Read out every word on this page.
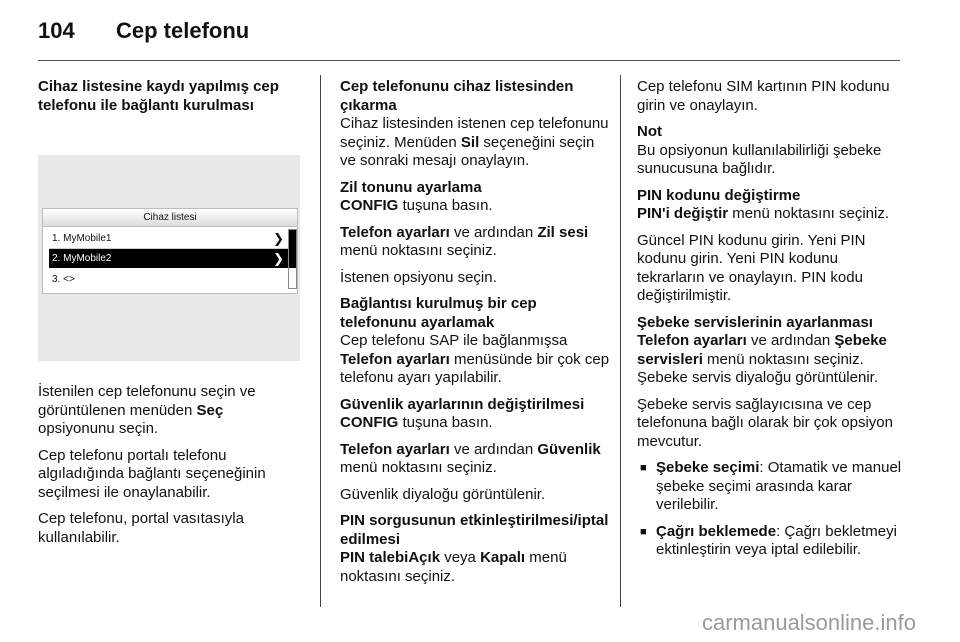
104 Cep telefonu
Cihaz listesine kaydı yapılmış cep telefonu ile bağlantı kurulması
Cihaz listesi
1. MyMobile1	❯
2. MyMobile2	❯
3. <>

İstenilen cep telefonunu seçin ve görüntülenen menüden Seç opsiyonunu seçin.

Cep telefonu portalı telefonu algıladığında bağlantı seçeneğinin seçilmesi ile onaylanabilir.

Cep telefonu, portal vasıtasıyla kullanılabilir.

Cep telefonunu cihaz listesinden çıkarma

Cihaz listesinden istenen cep telefonunu seçiniz. Menüden Sil seçeneğini seçin ve sonraki mesajı onaylayın.

Zil tonunu ayarlama

CONFIG tuşuna basın.

Telefon ayarları ve ardından Zil sesi menü noktasını seçiniz.

İstenen opsiyonu seçin.

Bağlantısı kurulmuş bir cep telefonunu ayarlamak

Cep telefonu SAP ile bağlanmışsa Telefon ayarları menüsünde bir çok cep telefonu ayarı yapılabilir.

Güvenlik ayarlarının değiştirilmesi

CONFIG tuşuna basın.

Telefon ayarları ve ardından Güvenlik menü noktasını seçiniz.

Güvenlik diyaloğu görüntülenir.

PIN sorgusunun etkinleştirilmesi/iptal edilmesi

PIN talebiAçık veya Kapalı menü noktasını seçiniz.

Cep telefonu SIM kartının PIN kodunu girin ve onaylayın.

Not
Bu opsiyonun kullanılabilirliği şebeke sunucusuna bağlıdır.

PIN kodunu değiştirme

PIN'i değiştir menü noktasını seçiniz.

Güncel PIN kodunu girin. Yeni PIN kodunu girin. Yeni PIN kodunu tekrarların ve onaylayın. PIN kodu değiştirilmiştir.

Şebeke servislerinin ayarlanması

Telefon ayarları ve ardından Şebeke servisleri menü noktasını seçiniz. Şebeke servis diyaloğu görüntülenir.

Şebeke servis sağlayıcısına ve cep telefonuna bağlı olarak bir çok opsiyon mevcutur.

■ Şebeke seçimi: Otamatik ve manuel şebeke seçimi arasında karar verilebilir.
■ Çağrı beklemede: Çağrı bekletmeyi ektinleştirin veya iptal edilebilir.
carmanualsonline.info
